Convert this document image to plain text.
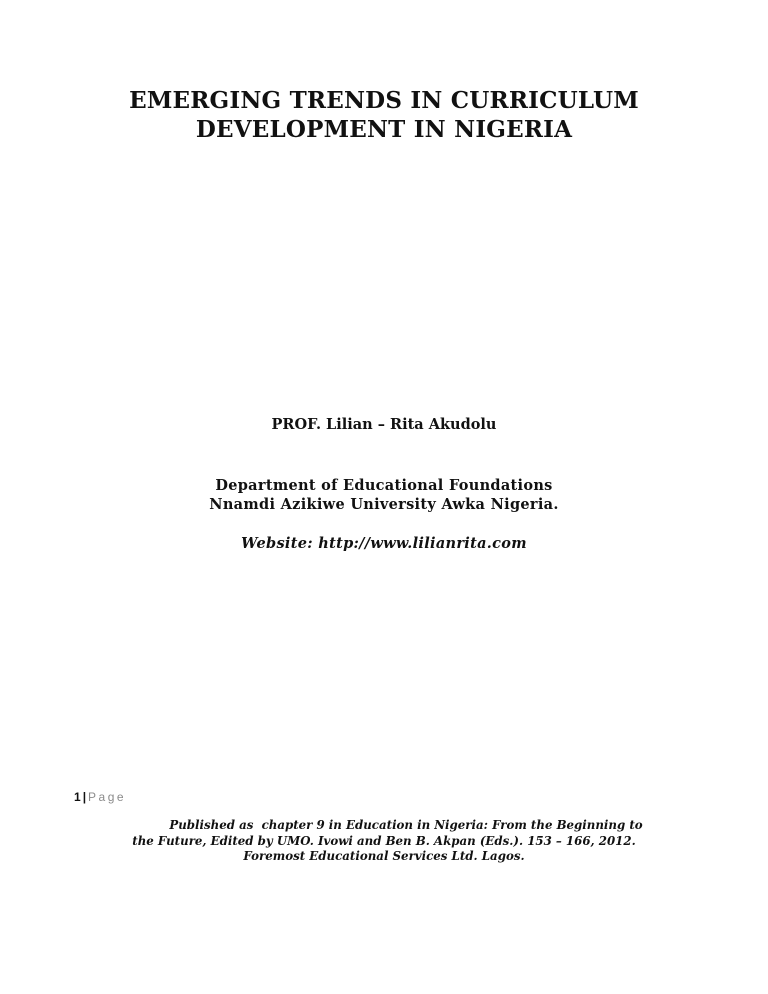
EMERGING TRENDS IN CURRICULUM
DEVELOPMENT IN NIGERIA
PROF. Lilian – Rita Akudolu
Department of Educational Foundations
Nnamdi Azikiwe University Awka Nigeria.
Website: http://www.lilianrita.com
1 | Page
Published as  chapter 9 in Education in Nigeria: From the Beginning to
the Future, Edited by UMO. Ivowi and Ben B. Akpan (Eds.). 153 – 166, 2012.
Foremost Educational Services Ltd. Lagos.
